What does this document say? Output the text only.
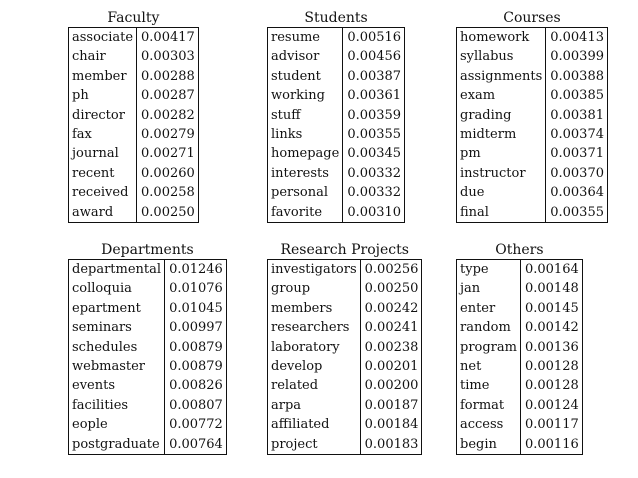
Faculty
associate	0.00417
chair	0.00303
member	0.00288
ph	0.00287
director	0.00282
fax	0.00279
journal	0.00271
recent	0.00260
received	0.00258
award	0.00250
Students
resume	0.00516
advisor	0.00456
student	0.00387
working	0.00361
stuff	0.00359
links	0.00355
homepage	0.00345
interests	0.00332
personal	0.00332
favorite	0.00310
Courses
homework	0.00413
syllabus	0.00399
assignments	0.00388
exam	0.00385
grading	0.00381
midterm	0.00374
pm	0.00371
instructor	0.00370
due	0.00364
final	0.00355
Departments
departmental	0.01246
colloquia	0.01076
epartment	0.01045
seminars	0.00997
schedules	0.00879
webmaster	0.00879
events	0.00826
facilities	0.00807
eople	0.00772
postgraduate	0.00764
Research Projects
investigators	0.00256
group	0.00250
members	0.00242
researchers	0.00241
laboratory	0.00238
develop	0.00201
related	0.00200
arpa	0.00187
affiliated	0.00184
project	0.00183
Others
type	0.00164
jan	0.00148
enter	0.00145
random	0.00142
program	0.00136
net	0.00128
time	0.00128
format	0.00124
access	0.00117
begin	0.00116
